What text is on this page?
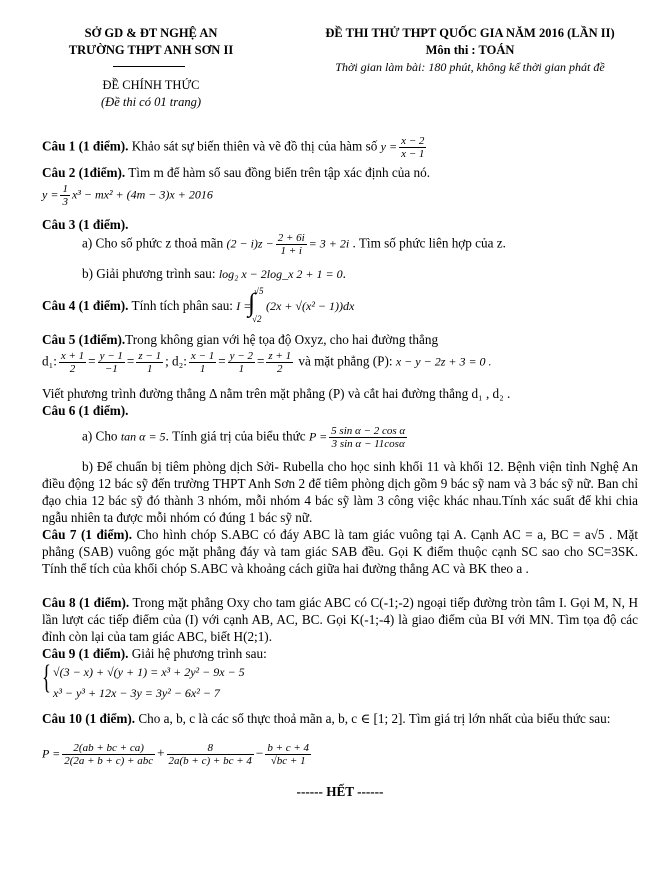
SỞ GD & ĐT NGHỆ AN
TRƯỜNG THPT ANH SƠN II
ĐỀ CHÍNH THỨC
(Đề thi có 01 trang)
ĐỀ THI THỬ THPT QUỐC GIA NĂM 2016 (LẦN II)
Môn thi : TOÁN
Thời gian làm bài: 180 phút, không kể thời gian phát đề
Câu 1 (1 điểm). Khảo sát sự biến thiên và vẽ đồ thị của hàm số $y = \frac{x - 2}{x - 1}$
Câu 2 (1điểm). Tìm m để hàm số sau đồng biến trên tập xác định của nó.
$y = \frac{1}{3} x^3 - mx^2 + (4m - 3)x + 2016$
Câu 3 (1 điểm).
a) Cho số phức z thoả mãn $(2 - i)z - \frac{2 + 6i}{1 + i} = 3 + 2i$ . Tìm số phức liên hợp của z.
b) Giải phương trình sau: log₂ x − 2log_x 2 + 1 = 0.
Câu 4 (1 điểm). Tính tích phân sau: I =
√5
∫
√2
(2x + √(x² − 1))dx
Câu 5 (1điểm).Trong không gian với hệ tọa độ Oxyz, cho hai đường thẳng
d₁: $\frac{x + 1}{2} = \frac{y - 1}{-1} = \frac{z - 1}{1}$ ; d₂: $\frac{x - 1}{1} = \frac{y - 2}{1} = \frac{z + 1}{2}$ và mặt phẳng (P): x − y − 2z + 3 = 0 .
Viết phương trình đường thẳng Δ nằm trên mặt phẳng (P) và cắt hai đường thẳng d₁ , d₂ .
Câu 6 (1 điểm).
a) Cho tan α = 5. Tính giá trị của biểu thức $P = \frac{\text{5 sin α − 2 cos α}}{\text{3 sin α − 11cosα}}$
b) Để chuẩn bị tiêm phòng dịch Sởi- Rubella cho học sinh khối 11 và khối 12. Bệnh viện tỉnh Nghệ An điều động 12 bác sỹ đến trường THPT Anh Sơn 2 để tiêm phòng dịch gồm 9 bác sỹ nam và 3 bác sỹ nữ. Ban chỉ đạo chia 12 bác sỹ đó thành 3 nhóm, mỗi nhóm 4 bác sỹ làm 3 công việc khác nhau.Tính xác suất để khi chia ngẫu nhiên ta được mỗi nhóm có đúng 1 bác sỹ nữ.
Câu 7 (1 điểm). Cho hình chóp S.ABC có đáy ABC là tam giác vuông tại A. Cạnh AC = a, BC = a√5 . Mặt phẳng (SAB) vuông góc mặt phẳng đáy và tam giác SAB đều. Gọi K điểm thuộc cạnh SC sao cho SC=3SK. Tính thể tích của khối chóp S.ABC và khoảng cách giữa hai đường thẳng AC và BK theo a .
Câu 8 (1 điểm). Trong mặt phẳng Oxy cho tam giác ABC có C(-1;-2) ngoại tiếp đường tròn tâm I. Gọi M, N, H lần lượt các tiếp điểm của (I) với cạnh AB, AC, BC. Gọi K(-1;-4) là giao điểm của BI với MN. Tìm tọa độ các đỉnh còn lại của tam giác ABC, biết H(2;1).
Câu 9 (1 điểm). Giải hệ phương trình sau:
{ √(3 − x) + √(y + 1) = x³ + 2y² − 9x − 5
x³ − y³ + 12x − 3y = 3y² − 6x² − 7
Câu 10 (1 điểm). Cho a, b, c là các số thực thoả mãn a, b, c ∈ [1; 2]. Tìm giá trị lớn nhất của biểu thức sau:
$P = \frac{2(ab + bc + ca)}{\text{2(2a + b + c) + abc}} + \frac{8}{2a(b + c) + bc + 4} - \frac{b + c + 4}{√bc + 1}$
------ HẾT ------
